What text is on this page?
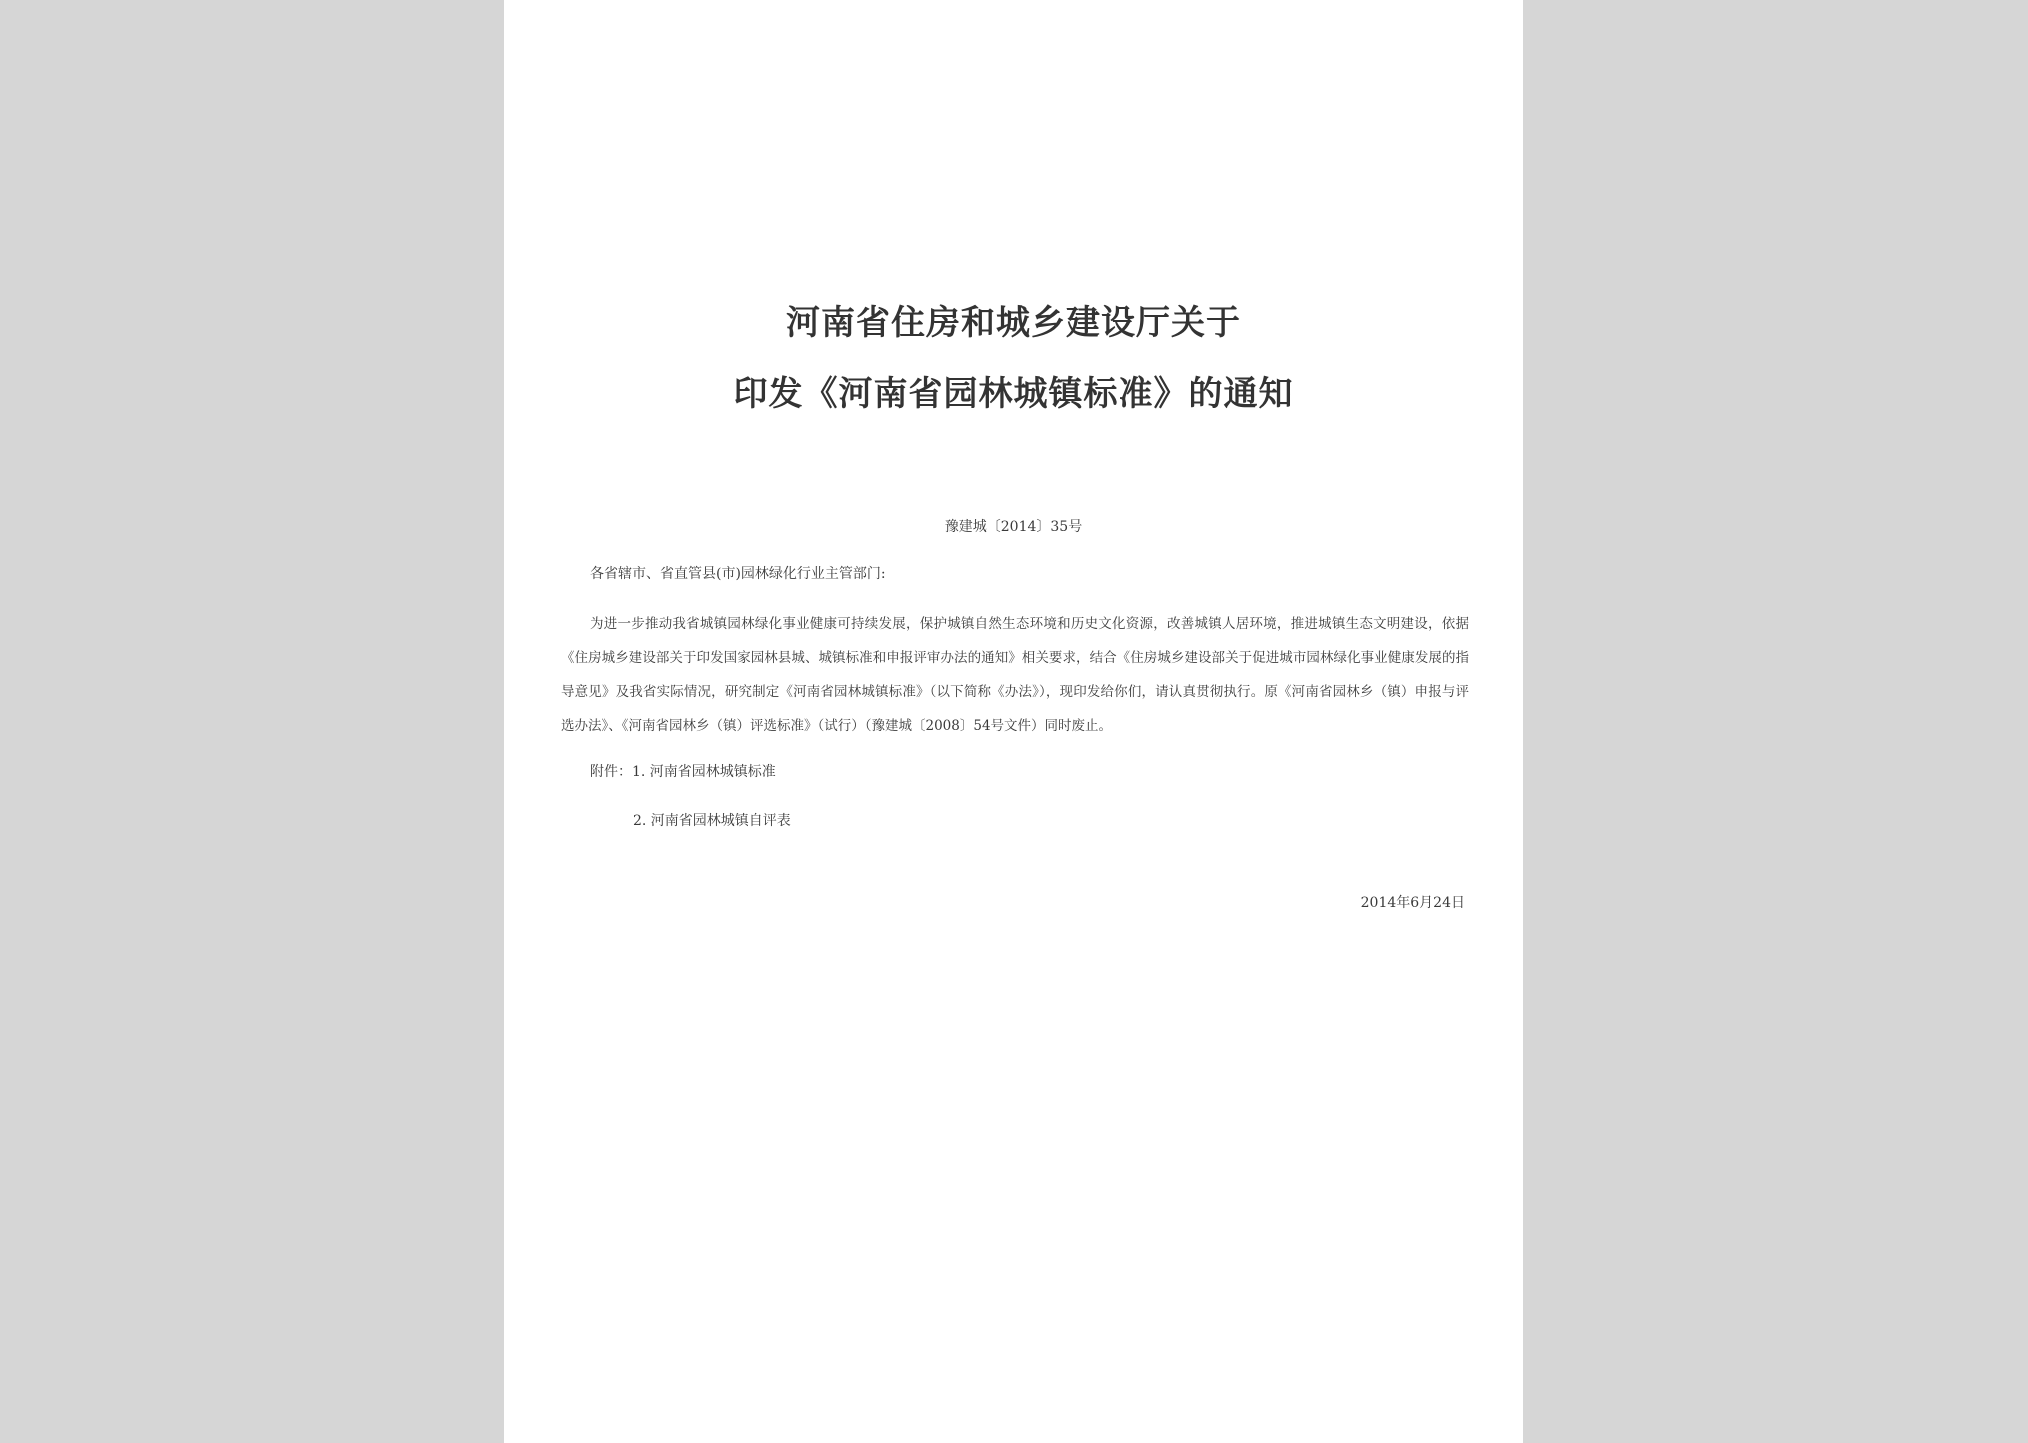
河南省住房和城乡建设厅关于
印发《河南省园林城镇标准》的通知
豫建城〔2014〕35号
各省辖市、省直管县(市)园林绿化行业主管部门:
为进一步推动我省城镇园林绿化事业健康可持续发展，保护城镇自然生态环境和历史文化资源，改善城镇人居环境，推进城镇生态文明建设，依据《住房城乡建设部关于印发国家园林县城、城镇标准和申报评审办法的通知》相关要求，结合《住房城乡建设部关于促进城市园林绿化事业健康发展的指导意见》及我省实际情况，研究制定《河南省园林城镇标准》（以下简称《办法》），现印发给你们，请认真贯彻执行。原《河南省园林乡（镇）申报与评选办法》、《河南省园林乡（镇）评选标准》（试行）（豫建城〔2008〕54号文件）同时废止。
附件：1. 河南省园林城镇标准
2. 河南省园林城镇自评表
2014年6月24日
